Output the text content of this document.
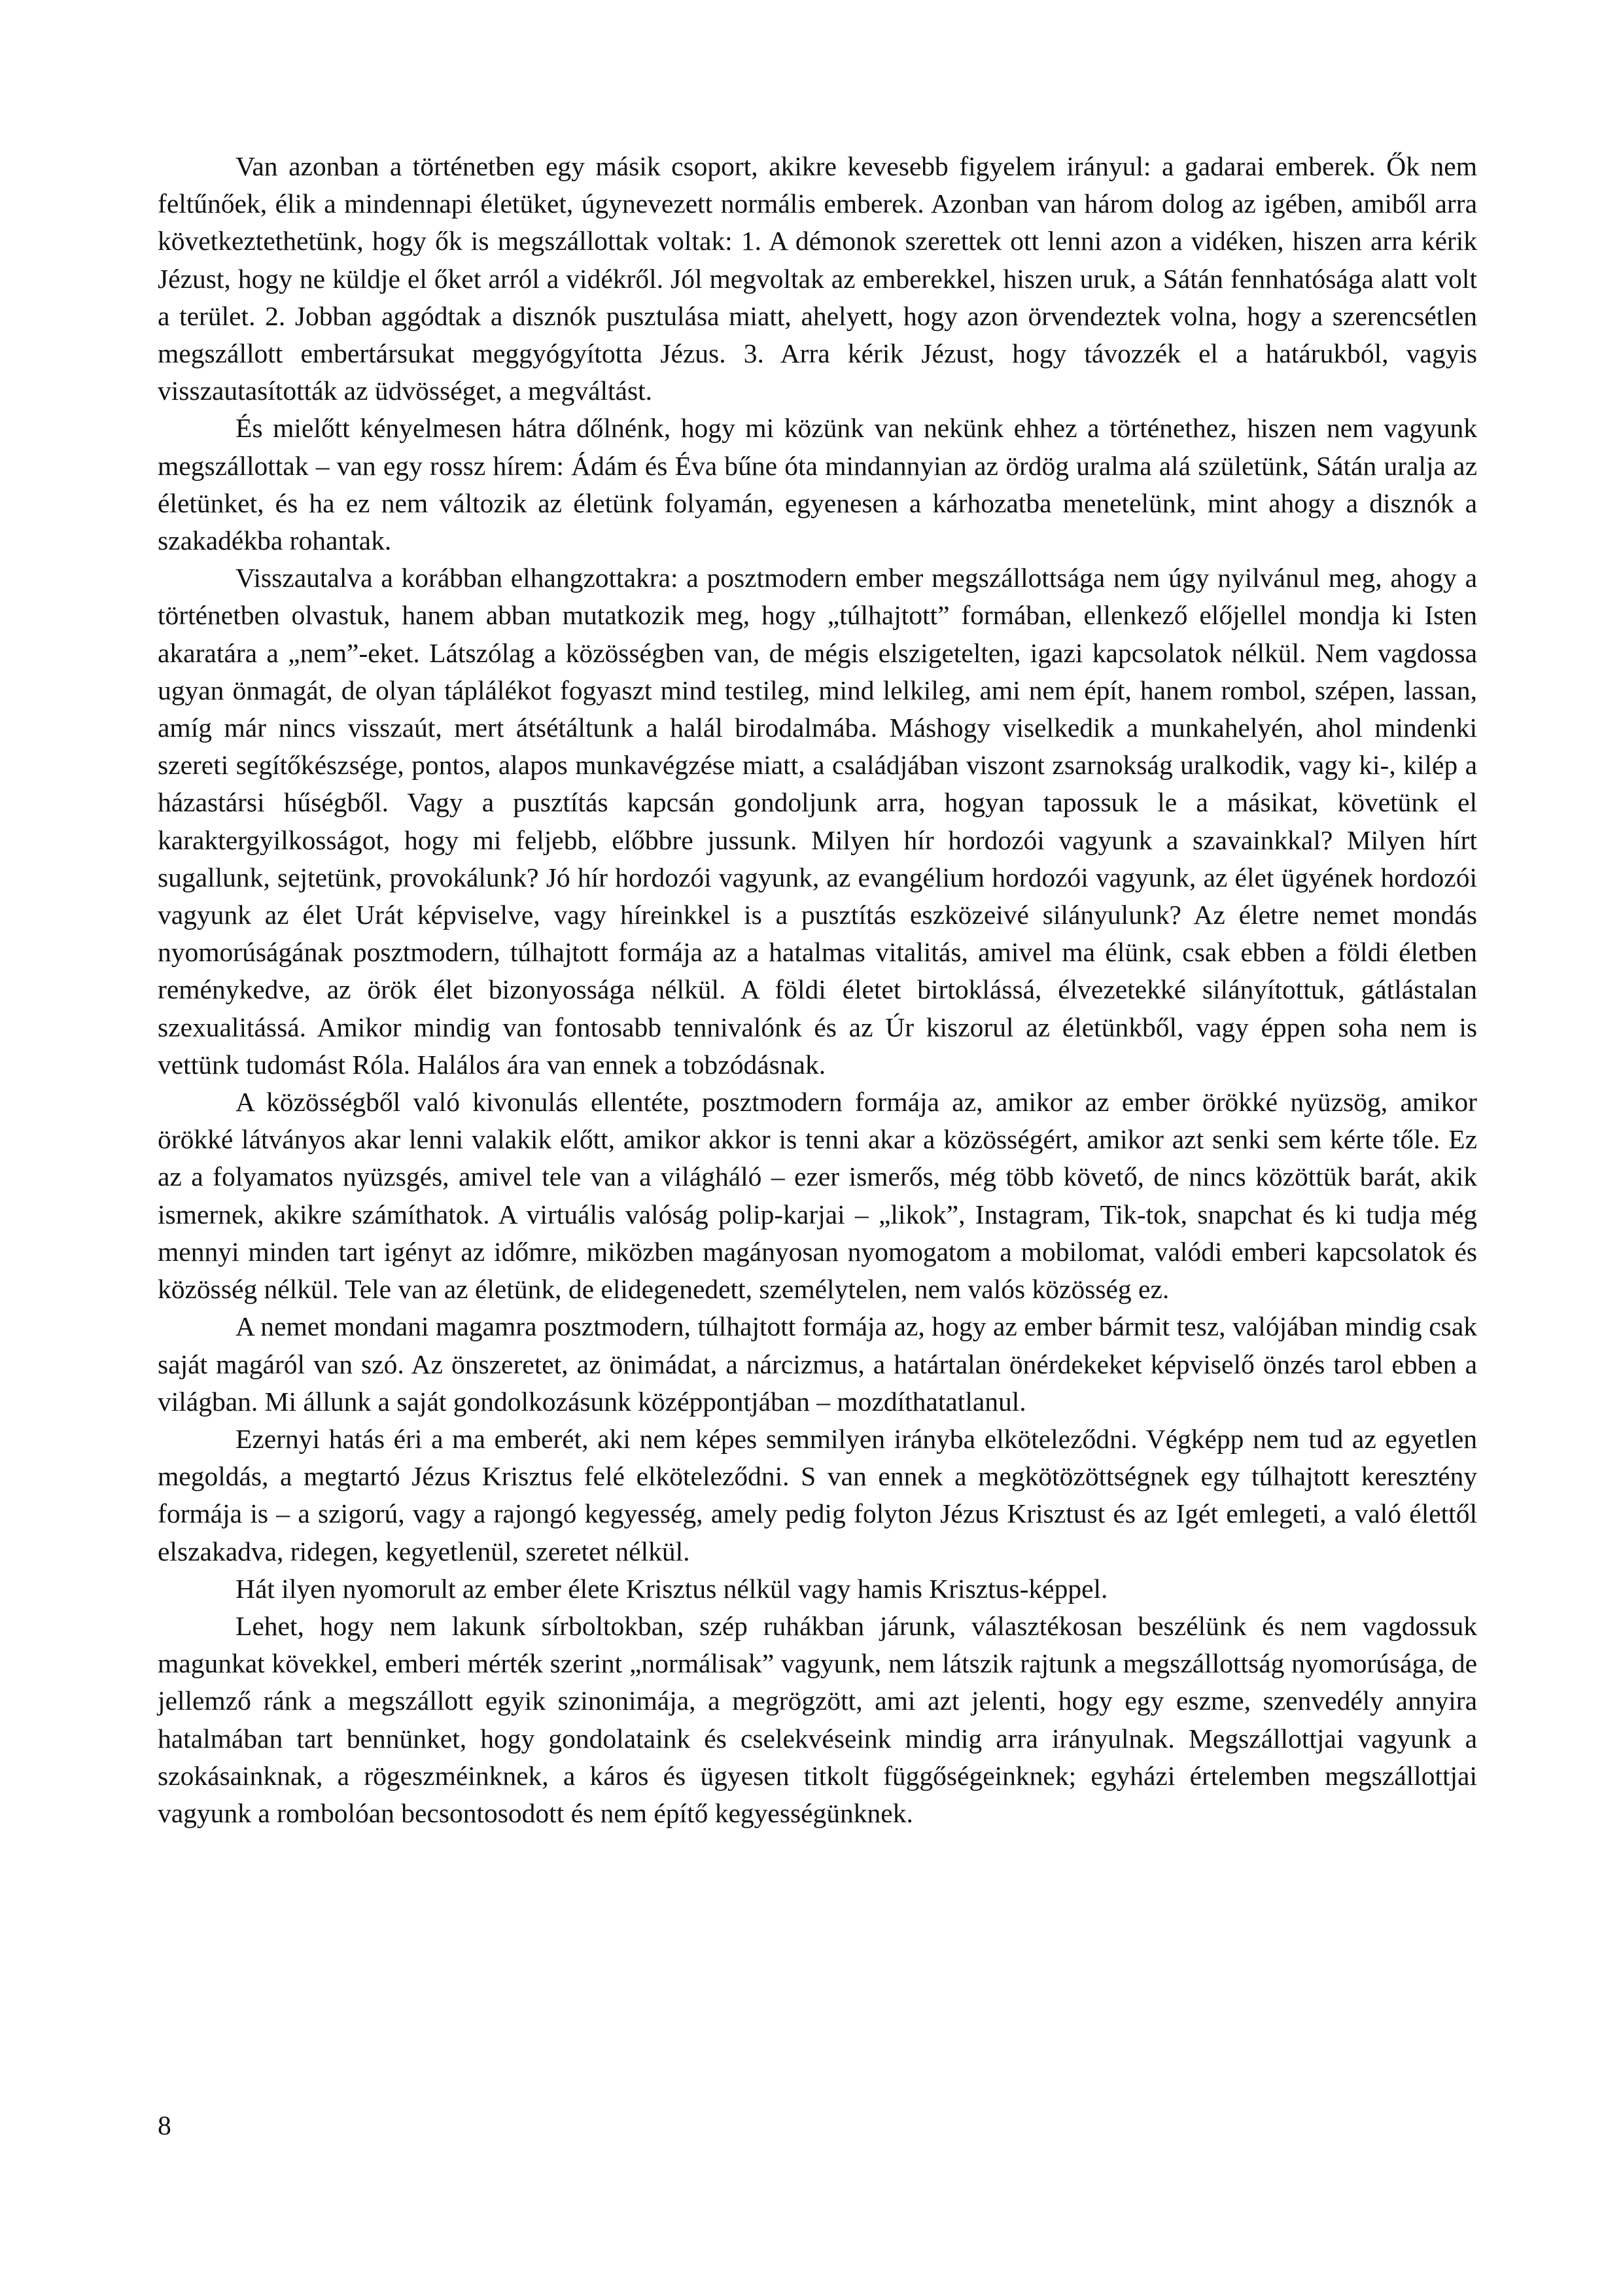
Van azonban a történetben egy másik csoport, akikre kevesebb figyelem irányul: a gadarai emberek. Ők nem feltűnőek, élik a mindennapi életüket, úgynevezett normális emberek. Azonban van három dolog az igében, amiből arra következtethetünk, hogy ők is megszállottak voltak: 1. A démonok szerettek ott lenni azon a vidéken, hiszen arra kérik Jézust, hogy ne küldje el őket arról a vidékről. Jól megvoltak az emberekkel, hiszen uruk, a Sátán fennhatósága alatt volt a terület. 2. Jobban aggódtak a disznók pusztulása miatt, ahelyett, hogy azon örvendeztek volna, hogy a szerencsétlen megszállott embertársukat meggyógyította Jézus. 3. Arra kérik Jézust, hogy távozzék el a határukból, vagyis visszautasították az üdvösséget, a megváltást.

És mielőtt kényelmesen hátra dőlnénk, hogy mi közünk van nekünk ehhez a történethez, hiszen nem vagyunk megszállottak – van egy rossz hírem: Ádám és Éva bűne óta mindannyian az ördög uralma alá születünk, Sátán uralja az életünket, és ha ez nem változik az életünk folyamán, egyenesen a kárhozatba menetelünk, mint ahogy a disznók a szakadékba rohantak.

Visszautalva a korábban elhangzottakra: a posztmodern ember megszállottsága nem úgy nyilvánul meg, ahogy a történetben olvastuk, hanem abban mutatkozik meg, hogy „túlhajtott” formában, ellenkező előjellel mondja ki Isten akaratára a „nem”-eket. Látszólag a közösségben van, de mégis elszigetelten, igazi kapcsolatok nélkül. Nem vagdossa ugyan önmagát, de olyan táplálékot fogyaszt mind testileg, mind lelkileg, ami nem épít, hanem rombol, szépen, lassan, amíg már nincs visszaút, mert átsétáltunk a halál birodalmába. Máshogy viselkedik a munkahelyén, ahol mindenki szereti segítőkészsége, pontos, alapos munkavégzése miatt, a családjában viszont zsarnokság uralkodik, vagy ki-, kilép a házastársi hűségből. Vagy a pusztítás kapcsán gondoljunk arra, hogyan tapossuk le a másikat, követünk el karaktergyilkosságot, hogy mi feljebb, előbbre jussunk. Milyen hír hordozói vagyunk a szavainkkal? Milyen hírt sugallunk, sejtetünk, provokálunk? Jó hír hordozói vagyunk, az evangélium hordozói vagyunk, az élet ügyének hordozói vagyunk az élet Urát képviselve, vagy híreinkkel is a pusztítás eszközeivé silányulunk? Az életre nemet mondás nyomorúságának posztmodern, túlhajtott formája az a hatalmas vitalitás, amivel ma élünk, csak ebben a földi életben reménykedve, az örök élet bizonyossága nélkül. A földi életet birtoklássá, élvezetekké silányítottuk, gátlástalan szexualitássá. Amikor mindig van fontosabb tennivalónk és az Úr kiszorul az életünkből, vagy éppen soha nem is vettünk tudomást Róla. Halálos ára van ennek a tobzódásnak.

A közösségből való kivonulás ellentéte, posztmodern formája az, amikor az ember örökké nyüzsög, amikor örökké látványos akar lenni valakik előtt, amikor akkor is tenni akar a közösségért, amikor azt senki sem kérte tőle. Ez az a folyamatos nyüzsgés, amivel tele van a világháló – ezer ismerős, még több követő, de nincs közöttük barát, akik ismernek, akikre számíthatok. A virtuális valóság polip-karjai – „likok”, Instagram, Tik-tok, snapchat és ki tudja még mennyi minden tart igényt az időmre, miközben magányosan nyomogatom a mobilomat, valódi emberi kapcsolatok és közösség nélkül. Tele van az életünk, de elidegenedett, személytelen, nem valós közösség ez.

A nemet mondani magamra posztmodern, túlhajtott formája az, hogy az ember bármit tesz, valójában mindig csak saját magáról van szó. Az önszeretet, az önimádat, a nárcizmus, a határtalan önérdekeket képviselő önzés tarol ebben a világban. Mi állunk a saját gondolkozásunk középpontjában – mozdíthatatlanul.

Ezernyi hatás éri a ma emberét, aki nem képes semmilyen irányba elköteleződni. Végképp nem tud az egyetlen megoldás, a megtartó Jézus Krisztus felé elköteleződni. S van ennek a megkötözöttségnek egy túlhajtott keresztény formája is – a szigorú, vagy a rajongó kegyesség, amely pedig folyton Jézus Krisztust és az Igét emlegeti, a való élettől elszakadva, ridegen, kegyetlenül, szeretet nélkül.

Hát ilyen nyomorult az ember élete Krisztus nélkül vagy hamis Krisztus-képpel.

Lehet, hogy nem lakunk sírboltokban, szép ruhákban járunk, választékosan beszélünk és nem vagdossuk magunkat kövekkel, emberi mérték szerint „normálisak” vagyunk, nem látszik rajtunk a megszállottság nyomorúsága, de jellemző ránk a megszállott egyik szinonimája, a megrögzött, ami azt jelenti, hogy egy eszme, szenvedély annyira hatalmában tart bennünket, hogy gondolataink és cselekvéseink mindig arra irányulnak. Megszállottjai vagyunk a szokásainknak, a rögeszméinknek, a káros és ügyesen titkolt függőségeinknek; egyházi értelemben megszállottjai vagyunk a rombolóan becsontosodott és nem építő kegyességünknek.

8
